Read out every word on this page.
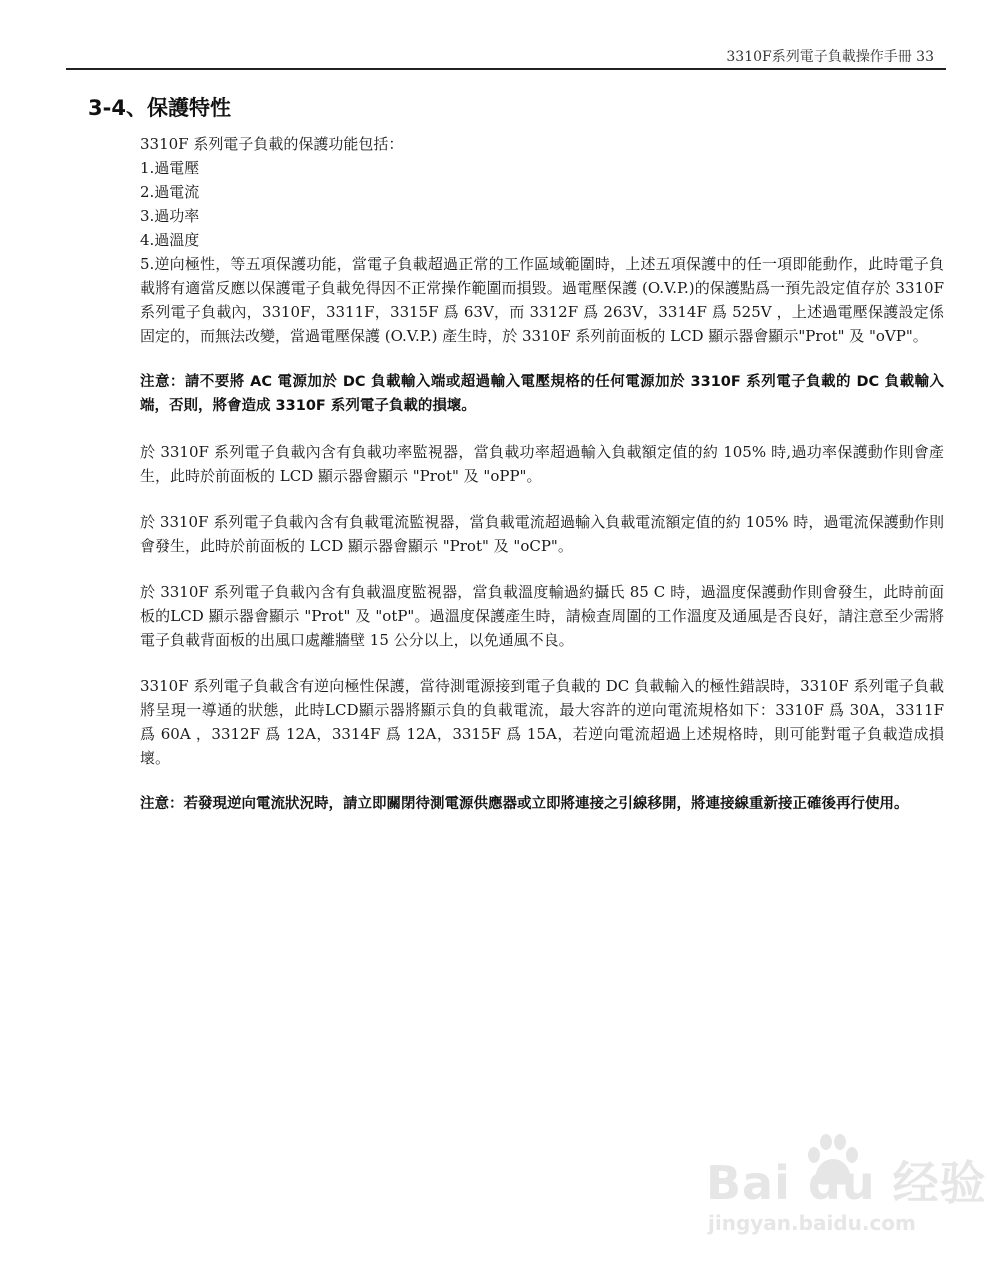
3310F系列電子負載操作手冊 33
3-4、保護特性

3310F 系列電子負載的保護功能包括：

1.過電壓

2.過電流

3.過功率

4.過溫度

5.逆向極性，等五項保護功能，當電子負載超過正常的工作區域範圍時，上述五項保護中的任一項即能動作，此時電子負載將有適當反應以保護電子負載免得因不正常操作範圍而損毀。過電壓保護 (O.V.P.)的保護點爲一預先設定值存於 3310F 系列電子負載內，3310F，3311F，3315F 爲 63V，而 3312F 爲 263V，3314F 爲 525V ，上述過電壓保護設定係固定的，而無法改變，當過電壓保護 (O.V.P.) 產生時，於 3310F 系列前面板的 LCD 顯示器會顯示"Prot" 及 "oVP"。

注意：請不要將 AC 電源加於 DC 負載輸入端或超過輸入電壓規格的任何電源加於 3310F 系列電子負載的 DC 負載輸入端，否則，將會造成 3310F 系列電子負載的損壞。

於 3310F 系列電子負載內含有負載功率監視器，當負載功率超過輸入負載額定值的約 105% 時,過功率保護動作則會產生，此時於前面板的 LCD 顯示器會顯示 "Prot" 及 "oPP"。

於 3310F 系列電子負載內含有負載電流監視器，當負載電流超過輸入負載電流額定值的約 105% 時，過電流保護動作則會發生，此時於前面板的 LCD 顯示器會顯示 "Prot" 及 "oCP"。

於 3310F 系列電子負載內含有負載溫度監視器，當負載溫度輸過約攝氏 85 C 時，過溫度保護動作則會發生，此時前面板的LCD 顯示器會顯示 "Prot" 及 "otP"。過溫度保護產生時，請檢查周圍的工作溫度及通風是否良好，請注意至少需將電子負載背面板的出風口處離牆壁 15 公分以上，以免通風不良。

3310F 系列電子負載含有逆向極性保護，當待測電源接到電子負載的 DC 負載輸入的極性錯誤時，3310F 系列電子負載將呈現一導通的狀態，此時LCD顯示器將顯示負的負載電流，最大容許的逆向電流規格如下：3310F 爲 30A，3311F 爲 60A ，3312F 爲 12A，3314F 爲 12A，3315F 爲 15A，若逆向電流超過上述規格時，則可能對電子負載造成損壞。

注意：若發現逆向電流狀況時，請立即關閉待測電源供應器或立即將連接之引線移開，將連接線重新接正確後再行使用。

Bai du 经验
jingyan.baidu.com
